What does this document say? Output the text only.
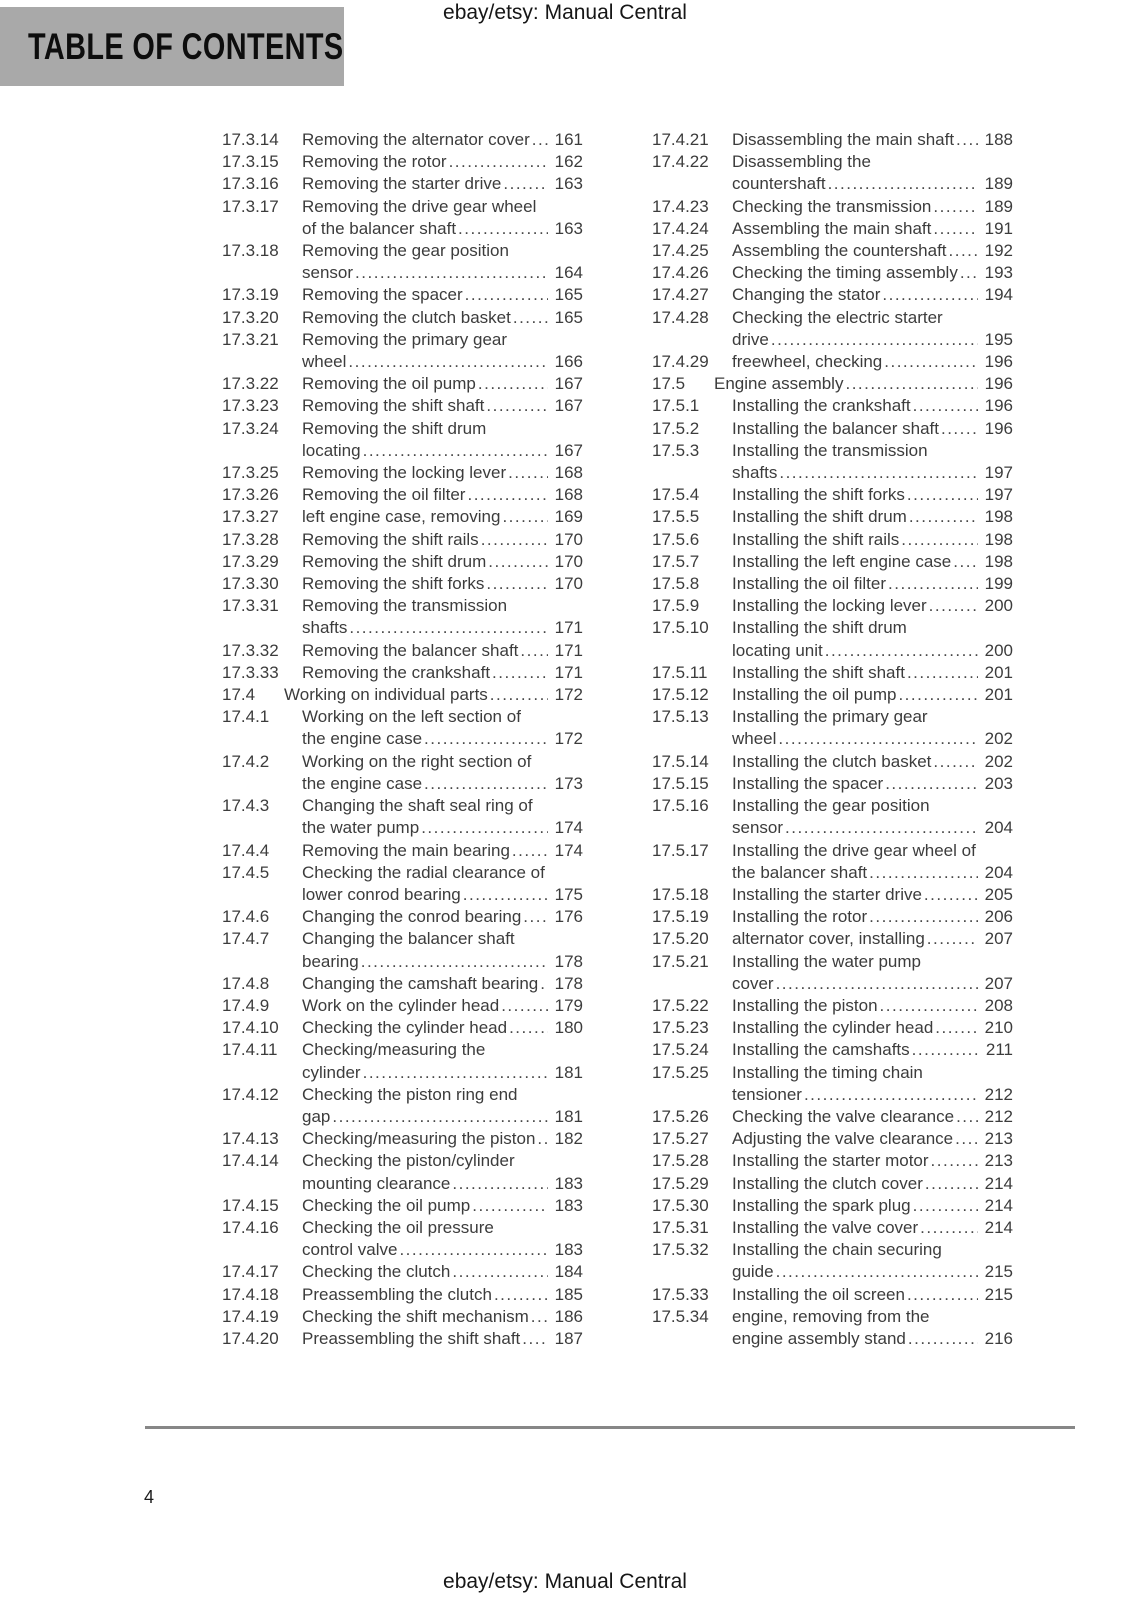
ebay/etsy: Manual Central
TABLE OF CONTENTS
17.3.14	Removing the alternator cover ..... 161
17.3.15	Removing the rotor .....	162
17.3.16	Removing the starter drive .....	163
17.3.17	Removing the drive gear wheel
of the balancer shaft .....	163
17.3.18	Removing the gear position
sensor .....	164
17.3.19	Removing the spacer .....	165
17.3.20	Removing the clutch basket .....	165
17.3.21	Removing the primary gear
wheel .....	166
17.3.22	Removing the oil pump .....	167
17.3.23	Removing the shift shaft .....	167
17.3.24	Removing the shift drum
locating .....	167
17.3.25	Removing the locking lever .....	168
17.3.26	Removing the oil filter .....	168
17.3.27	left engine case, removing .....	169
17.3.28	Removing the shift rails .....	170
17.3.29	Removing the shift drum .....	170
17.3.30	Removing the shift forks .....	170
17.3.31	Removing the transmission
shafts .....	171
17.3.32	Removing the balancer shaft ..... 171
17.3.33	Removing the crankshaft .....	171
17.4	Working on individual parts .....	172
17.4.1	Working on the left section of
the engine case .....	172
17.4.2	Working on the right section of
the engine case .....	173
17.4.3	Changing the shaft seal ring of
the water pump .....	174
17.4.4	Removing the main bearing .....	174
17.4.5	Checking the radial clearance of
lower conrod bearing .....	175
17.4.6	Changing the conrod bearing ..... 176
17.4.7	Changing the balancer shaft
bearing .....	178
17.4.8	Changing the camshaft bearing ..... 178
17.4.9	Work on the cylinder head .....	179
17.4.10	Checking the cylinder head .....	180
17.4.11	Checking/measuring the
cylinder .....	181
17.4.12	Checking the piston ring end
gap .....	181
17.4.13	Checking/measuring the piston ..... 182
17.4.14	Checking the piston/cylinder
mounting clearance .....	183
17.4.15	Checking the oil pump .....	183
17.4.16	Checking the oil pressure
control valve .....	183
17.4.17	Checking the clutch .....	184
17.4.18	Preassembling the clutch .....	185
17.4.19	Checking the shift mechanism ..... 186
17.4.20	Preassembling the shift shaft ..... 187
17.4.21	Disassembling the main shaft ..... 188
17.4.22	Disassembling the
countershaft .....	189
17.4.23	Checking the transmission .....	189
17.4.24	Assembling the main shaft .....	191
17.4.25	Assembling the countershaft ..... 192
17.4.26	Checking the timing assembly ..... 193
17.4.27	Changing the stator .....	194
17.4.28	Checking the electric starter
drive .....	195
17.4.29	freewheel, checking .....	196
17.5	Engine assembly .....	196
17.5.1	Installing the crankshaft .....	196
17.5.2	Installing the balancer shaft .....	196
17.5.3	Installing the transmission
shafts .....	197
17.5.4	Installing the shift forks .....	197
17.5.5	Installing the shift drum .....	198
17.5.6	Installing the shift rails .....	198
17.5.7	Installing the left engine case ..... 198
17.5.8	Installing the oil filter .....	199
17.5.9	Installing the locking lever .....	200
17.5.10	Installing the shift drum
locating unit .....	200
17.5.11	Installing the shift shaft .....	201
17.5.12	Installing the oil pump .....	201
17.5.13	Installing the primary gear
wheel .....	202
17.5.14	Installing the clutch basket .....	202
17.5.15	Installing the spacer .....	203
17.5.16	Installing the gear position
sensor .....	204
17.5.17	Installing the drive gear wheel of
the balancer shaft .....	204
17.5.18	Installing the starter drive .....	205
17.5.19	Installing the rotor .....	206
17.5.20	alternator cover, installing .....	207
17.5.21	Installing the water pump
cover .....	207
17.5.22	Installing the piston .....	208
17.5.23	Installing the cylinder head .....	210
17.5.24	Installing the camshafts .....	211
17.5.25	Installing the timing chain
tensioner .....	212
17.5.26	Checking the valve clearance ..... 212
17.5.27	Adjusting the valve clearance ..... 213
17.5.28	Installing the starter motor .....	213
17.5.29	Installing the clutch cover .....	214
17.5.30	Installing the spark plug .....	214
17.5.31	Installing the valve cover .....	214
17.5.32	Installing the chain securing
guide .....	215
17.5.33	Installing the oil screen .....	215
17.5.34	engine, removing from the
engine assembly stand .....	216
4
ebay/etsy: Manual Central
